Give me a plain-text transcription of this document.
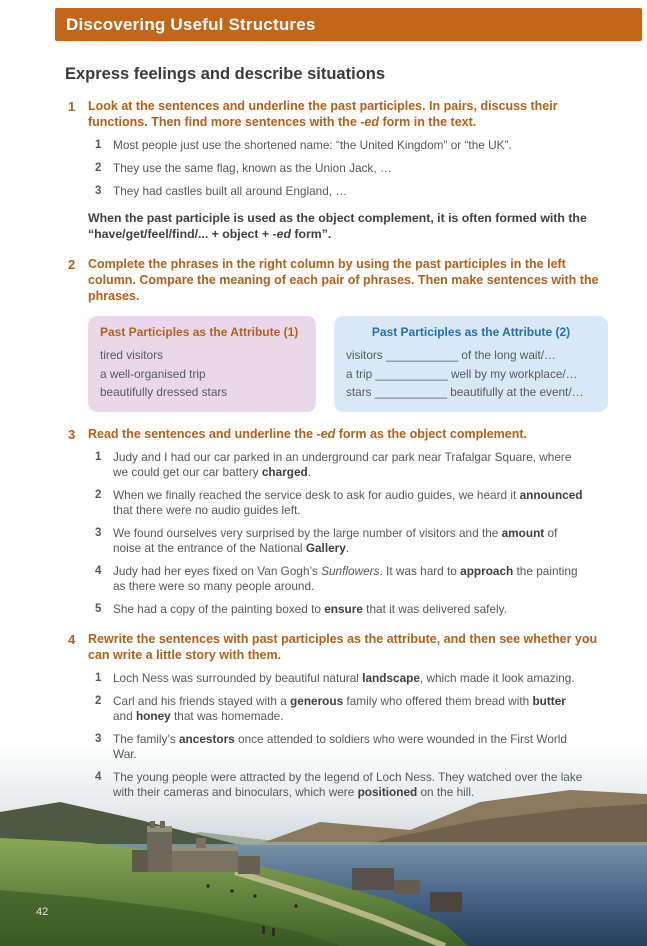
Discovering Useful Structures
Express feelings and describe situations
1	Look at the sentences and underline the past participles. In pairs, discuss their functions. Then find more sentences with the -ed form in the text.
1 Most people just use the shortened name: “the United Kingdom” or “the UK”.
2 They use the same flag, known as the Union Jack, …
3 They had castles built all around England, …
When the past participle is used as the object complement, it is often formed with the “have/get/feel/find/... + object + -ed form”.
2	Complete the phrases in the right column by using the past participles in the left column. Compare the meaning of each pair of phrases. Then make sentences with the phrases.
Past Participles as the Attribute (1)
tired visitors
a well-organised trip
beautifully dressed stars
Past Participles as the Attribute (2)
visitors ___________ of the long wait/…
a trip ___________ well by my workplace/…
stars ___________ beautifully at the event/…
3	Read the sentences and underline the -ed form as the object complement.
1 Judy and I had our car parked in an underground car park near Trafalgar Square, where we could get our car battery charged.
2 When we finally reached the service desk to ask for audio guides, we heard it announced that there were no audio guides left.
3 We found ourselves very surprised by the large number of visitors and the amount of noise at the entrance of the National Gallery.
4 Judy had her eyes fixed on Van Gogh’s Sunflowers. It was hard to approach the painting as there were so many people around.
5 She had a copy of the painting boxed to ensure that it was delivered safely.
4	Rewrite the sentences with past participles as the attribute, and then see whether you can write a little story with them.
1 Loch Ness was surrounded by beautiful natural landscape, which made it look amazing.
2 Carl and his friends stayed with a generous family who offered them bread with butter and honey that was homemade.
3 The family’s ancestors once attended to soldiers who were wounded in the First World War.
4 The young people were attracted by the legend of Loch Ness. They watched over the lake with their cameras and binoculars, which were positioned on the hill.
42
